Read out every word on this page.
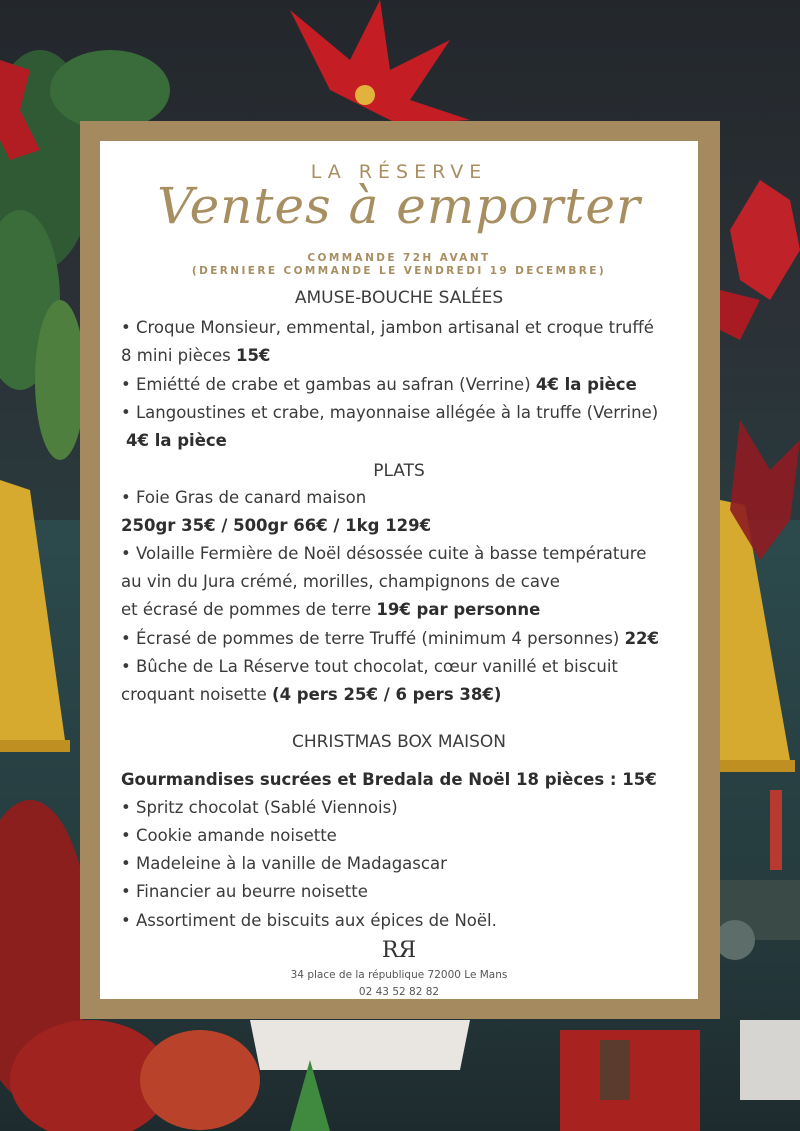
LA RÉSERVE
Ventes à emporter
COMMANDE 72H AVANT
(DERNIERE COMMANDE LE VENDREDI 19 DECEMBRE)
AMUSE-BOUCHE SALÉES
• Croque Monsieur, emmental, jambon artisanal et croque truffé
8 mini pièces 15€
• Emiétté de crabe et gambas au safran (Verrine) 4€ la pièce
• Langoustines et crabe, mayonnaise allégée à la truffe (Verrine)
4€ la pièce
PLATS
• Foie Gras de canard maison
250gr 35€ / 500gr 66€ / 1kg 129€
• Volaille Fermière de Noël désossée cuite à basse température
au vin du Jura crémé, morilles, champignons de cave
et écrasé de pommes de terre 19€ par personne
• Écrasé de pommes de terre Truffé (minimum 4 personnes) 22€
• Bûche de La Réserve tout chocolat, cœur vanillé et biscuit
croquant noisette (4 pers 25€ / 6 pers 38€)
CHRISTMAS BOX MAISON
Gourmandises sucrées et Bredala de Noël 18 pièces : 15€
• Spritz chocolat (Sablé Viennois)
• Cookie amande noisette
• Madeleine à la vanille de Madagascar
• Financier au beurre noisette
• Assortiment de biscuits aux épices de Noël.
RЯ
34 place de la république 72000 Le Mans
02 43 52 82 82
